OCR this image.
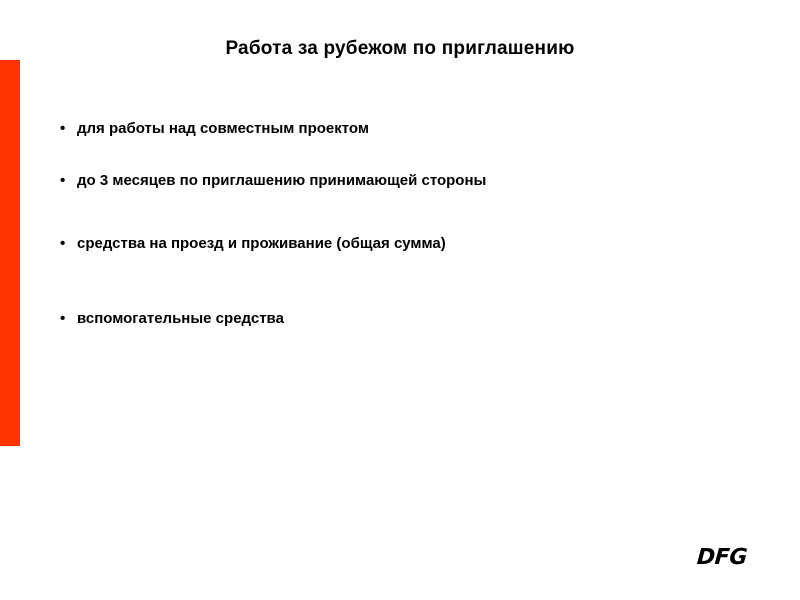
Работа за рубежом по приглашению
• для работы над совместным проектом
• до 3 месяцев по приглашению принимающей стороны
• средства на проезд и проживание (общая сумма)
• вспомогательные средства
DFG
